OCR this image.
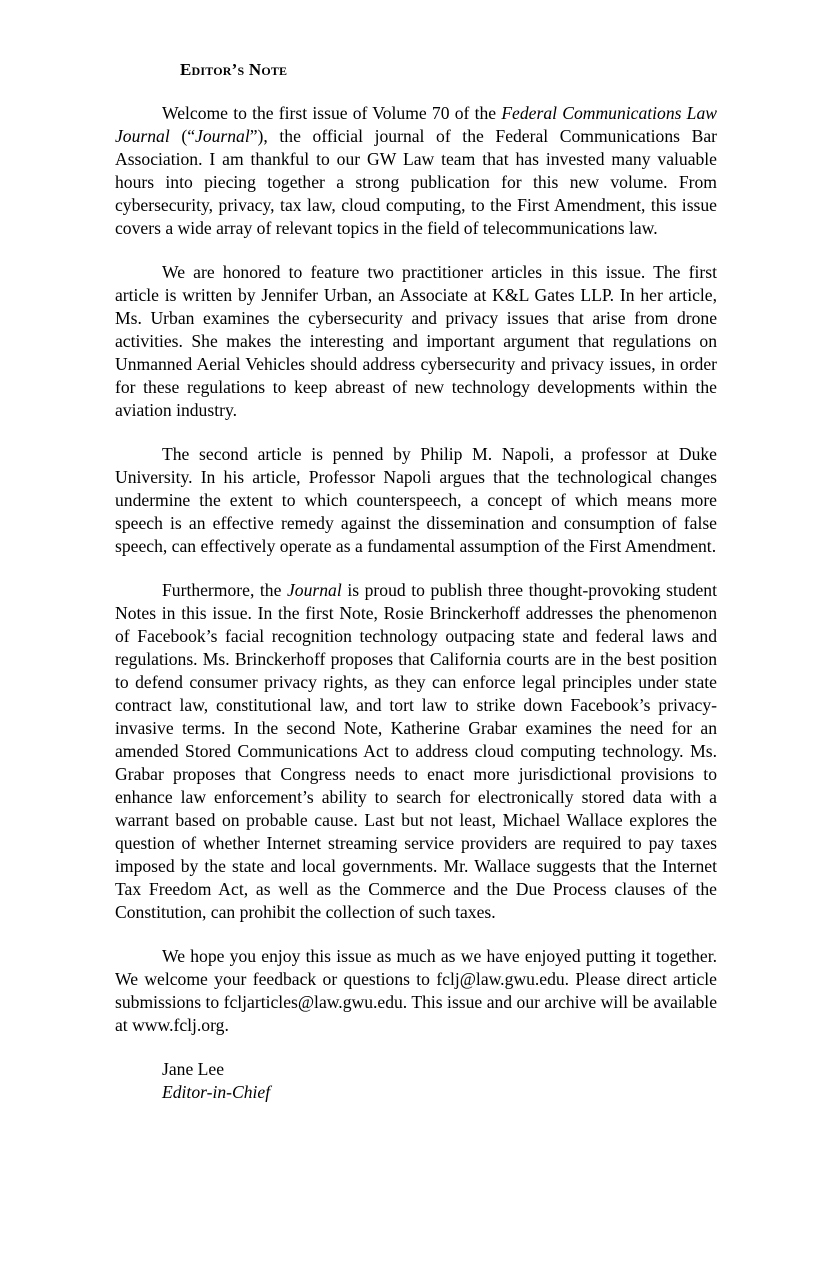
Editor’s Note

Welcome to the first issue of Volume 70 of the Federal Communications Law Journal (“Journal”), the official journal of the Federal Communications Bar Association. I am thankful to our GW Law team that has invested many valuable hours into piecing together a strong publication for this new volume. From cybersecurity, privacy, tax law, cloud computing, to the First Amendment, this issue covers a wide array of relevant topics in the field of telecommunications law.

We are honored to feature two practitioner articles in this issue. The first article is written by Jennifer Urban, an Associate at K&L Gates LLP. In her article, Ms. Urban examines the cybersecurity and privacy issues that arise from drone activities. She makes the interesting and important argument that regulations on Unmanned Aerial Vehicles should address cybersecurity and privacy issues, in order for these regulations to keep abreast of new technology developments within the aviation industry.

The second article is penned by Philip M. Napoli, a professor at Duke University. In his article, Professor Napoli argues that the technological changes undermine the extent to which counterspeech, a concept of which means more speech is an effective remedy against the dissemination and consumption of false speech, can effectively operate as a fundamental assumption of the First Amendment.

Furthermore, the Journal is proud to publish three thought-provoking student Notes in this issue. In the first Note, Rosie Brinckerhoff addresses the phenomenon of Facebook’s facial recognition technology outpacing state and federal laws and regulations. Ms. Brinckerhoff proposes that California courts are in the best position to defend consumer privacy rights, as they can enforce legal principles under state contract law, constitutional law, and tort law to strike down Facebook’s privacy-invasive terms. In the second Note, Katherine Grabar examines the need for an amended Stored Communications Act to address cloud computing technology. Ms. Grabar proposes that Congress needs to enact more jurisdictional provisions to enhance law enforcement’s ability to search for electronically stored data with a warrant based on probable cause. Last but not least, Michael Wallace explores the question of whether Internet streaming service providers are required to pay taxes imposed by the state and local governments. Mr. Wallace suggests that the Internet Tax Freedom Act, as well as the Commerce and the Due Process clauses of the Constitution, can prohibit the collection of such taxes.

We hope you enjoy this issue as much as we have enjoyed putting it together. We welcome your feedback or questions to fclj@law.gwu.edu. Please direct article submissions to fcljarticles@law.gwu.edu. This issue and our archive will be available at www.fclj.org.

Jane Lee
Editor-in-Chief
